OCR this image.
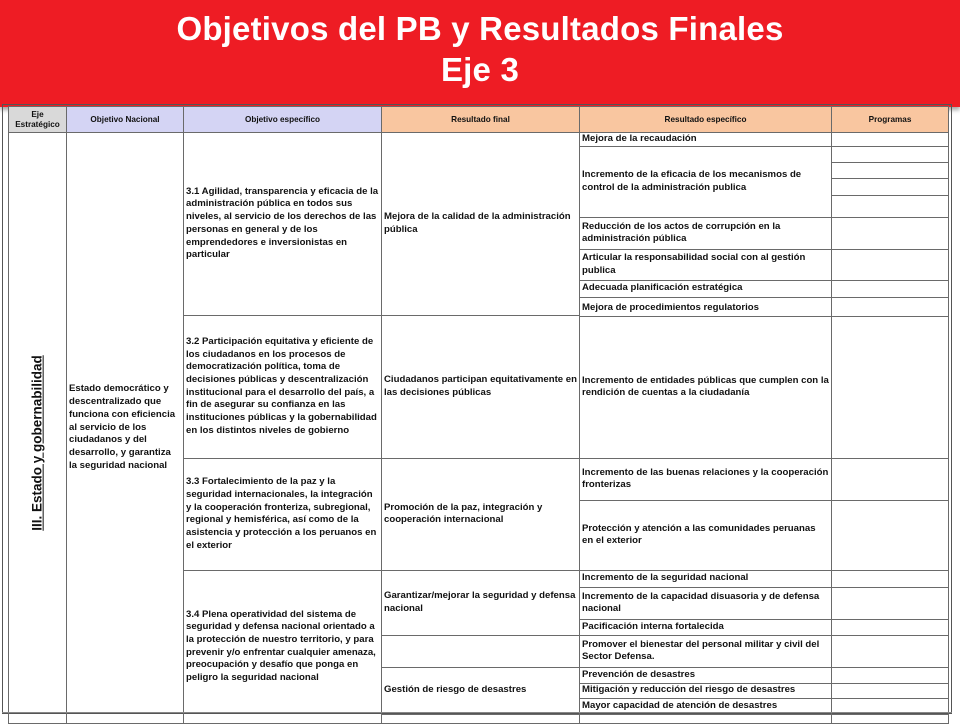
Objetivos del PB y Resultados Finales
Eje 3
Eje Estratégico	Objetivo Nacional	Objetivo específico	Resultado final	Resultado específico	Programas

III. Estado y gobernabilidad	Estado democrático y descentralizado que funciona con eficiencia al servicio de los ciudadanos y del desarrollo, y garantiza la seguridad nacional	3.1 Agilidad, transparencia y eficacia de la administración pública en todos sus niveles, al servicio de los derechos de las personas en general y de los emprendedores e inversionistas en particular	Mejora de la calidad de la administración pública	Mejora de la recaudación	
				Incremento de la eficacia de los mecanismos de control de la administración publica	

				Reducción de los actos de corrupción en la administración pública	
				Articular la responsabilidad social con al gestión publica	
				Adecuada planificación estratégica	
				Mejora de procedimientos regulatorios	
		3.2 Participación equitativa y eficiente de los ciudadanos en los procesos de democratización política, toma de decisiones públicas y descentralización institucional para el desarrollo del país, a fin de asegurar su confianza en las instituciones públicas y la gobernabilidad en los distintos niveles de gobierno	Ciudadanos participan equitativamente en las decisiones públicas		
				Incremento de entidades públicas que cumplen con la rendición de cuentas a la ciudadanía	
		3.3 Fortalecimiento de la paz y la seguridad internacionales, la integración y la cooperación fronteriza, subregional, regional y hemisférica, así como de la asistencia y protección a los peruanos en el exterior	Promoción de la paz, integración y cooperación internacional	Incremento de las buenas relaciones y la cooperación fronterizas	
				Protección y atención a las comunidades peruanas en el exterior	
		3.4 Plena operatividad del sistema de seguridad y defensa nacional orientado a la protección de nuestro territorio, y para prevenir y/o enfrentar cualquier amenaza, preocupación y desafío que ponga en peligro la seguridad nacional	Garantizar/mejorar la seguridad y defensa nacional	Incremento de la seguridad nacional	
				Incremento de la capacidad disuasoria y de defensa nacional	
				Pacificación interna fortalecida	
				Promover el bienestar del personal militar y civil del Sector Defensa.	
			Gestión de riesgo de desastres	Prevención de desastres	
				Mitigación y reducción del riesgo de desastres	
				Mayor capacidad de atención de desastres	
